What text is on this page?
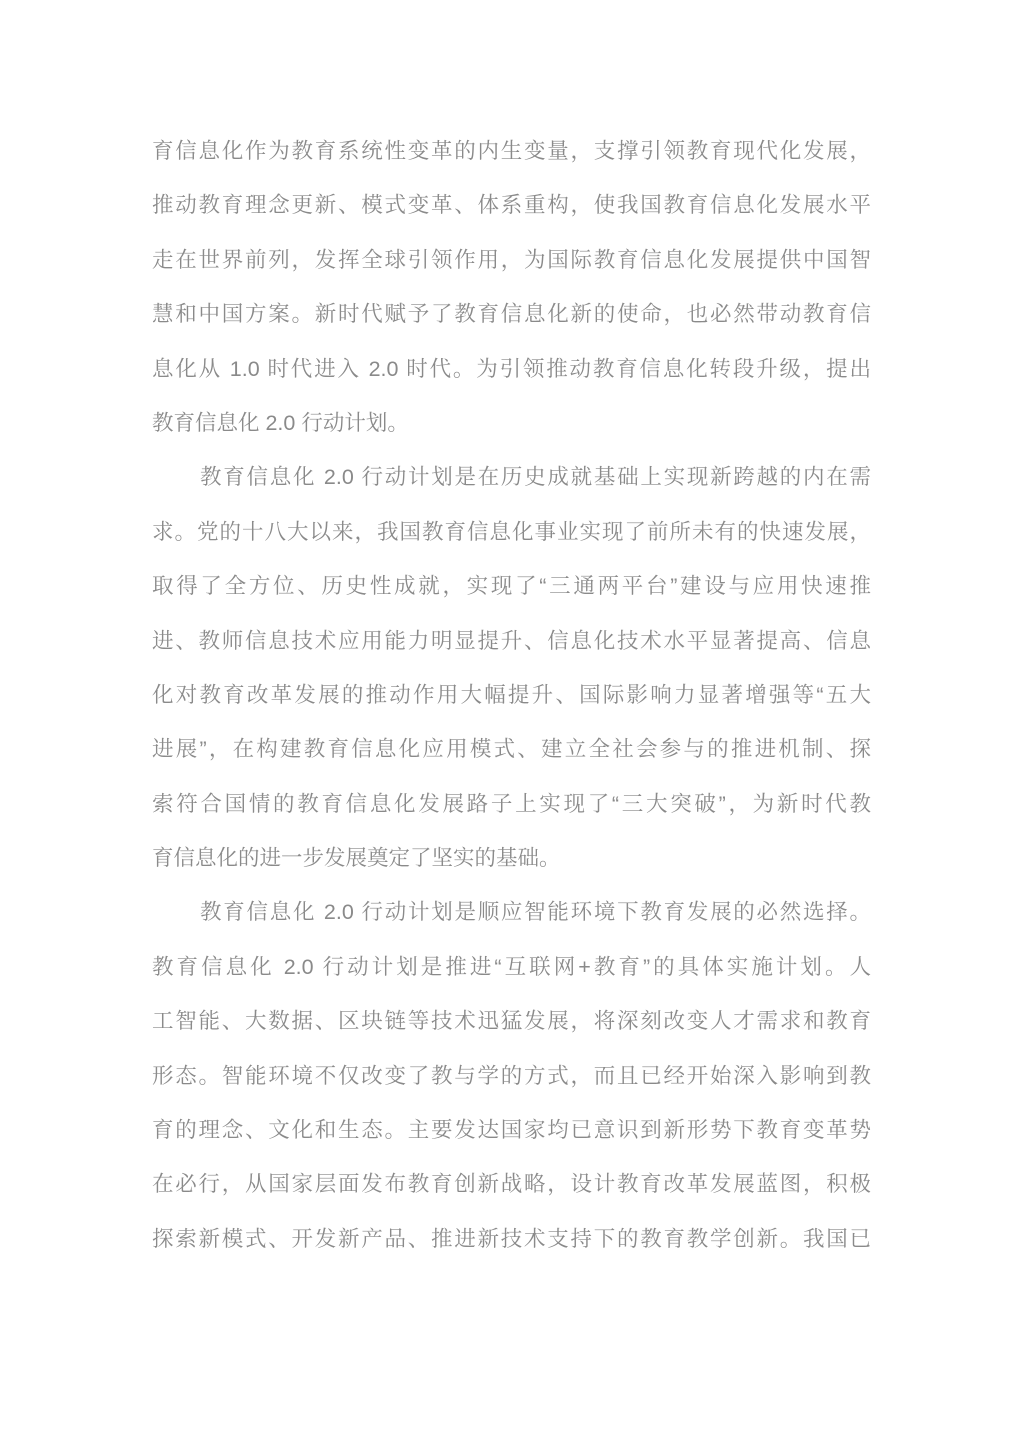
育信息化作为教育系统性变革的内生变量，支撑引领教育现代化发展，
推动教育理念更新、模式变革、体系重构，使我国教育信息化发展水平
走在世界前列，发挥全球引领作用，为国际教育信息化发展提供中国智
慧和中国方案。新时代赋予了教育信息化新的使命，也必然带动教育信
息化从 1.0 时代进入 2.0 时代。为引领推动教育信息化转段升级，提出
教育信息化 2.0 行动计划。
教育信息化 2.0 行动计划是在历史成就基础上实现新跨越的内在需
求。党的十八大以来，我国教育信息化事业实现了前所未有的快速发展，
取得了全方位、历史性成就，实现了“三通两平台”建设与应用快速推
进、教师信息技术应用能力明显提升、信息化技术水平显著提高、信息
化对教育改革发展的推动作用大幅提升、国际影响力显著增强等“五大
进展”，在构建教育信息化应用模式、建立全社会参与的推进机制、探
索符合国情的教育信息化发展路子上实现了“三大突破”，为新时代教
育信息化的进一步发展奠定了坚实的基础。
教育信息化 2.0 行动计划是顺应智能环境下教育发展的必然选择。
教育信息化 2.0 行动计划是推进“互联网+教育”的具体实施计划。人
工智能、大数据、区块链等技术迅猛发展，将深刻改变人才需求和教育
形态。智能环境不仅改变了教与学的方式，而且已经开始深入影响到教
育的理念、文化和生态。主要发达国家均已意识到新形势下教育变革势
在必行，从国家层面发布教育创新战略，设计教育改革发展蓝图，积极
探索新模式、开发新产品、推进新技术支持下的教育教学创新。我国已
